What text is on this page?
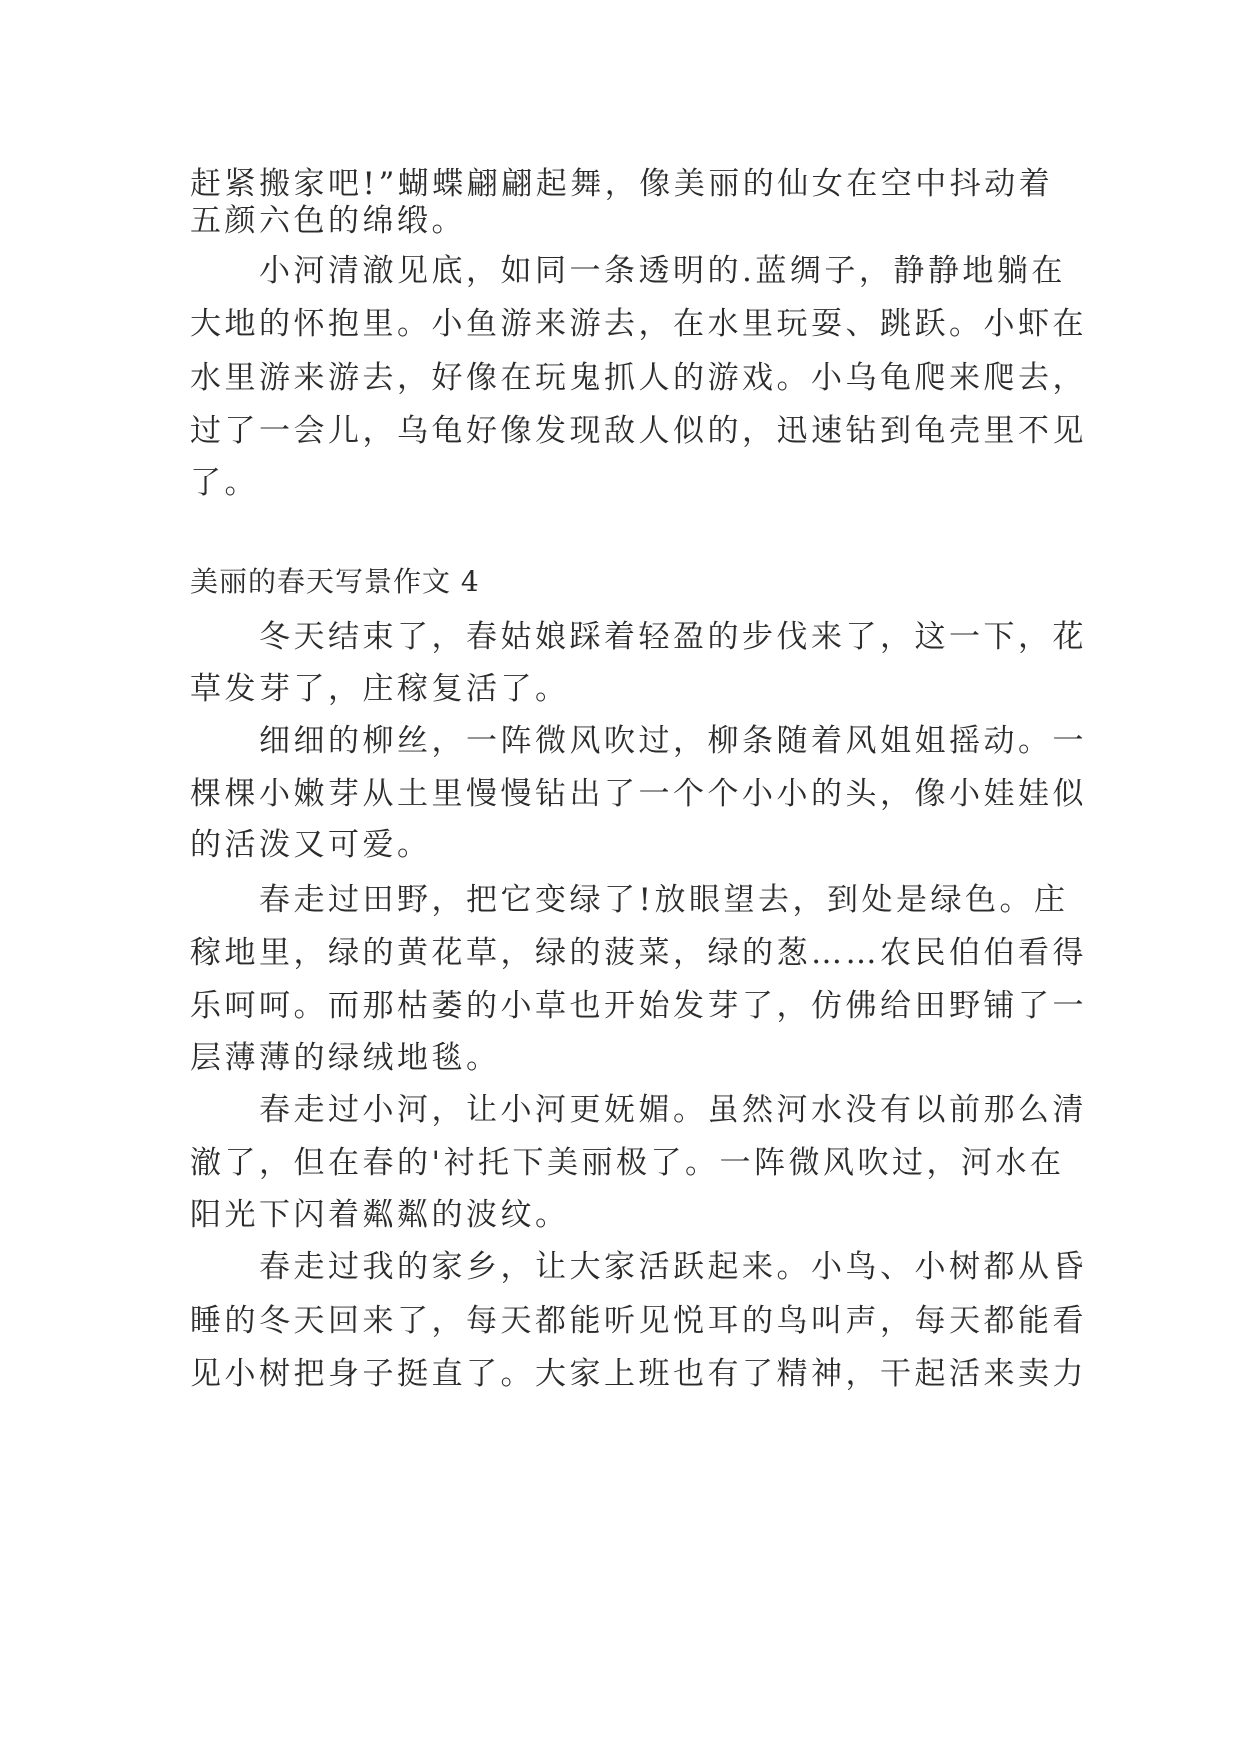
赶紧搬家吧!”蝴蝶翩翩起舞，像美丽的仙女在空中抖动着
五颜六色的绵缎。
　　小河清澈见底，如同一条透明的.蓝绸子，静静地躺在
大地的怀抱里。小鱼游来游去，在水里玩耍、跳跃。小虾在
水里游来游去，好像在玩鬼抓人的游戏。小乌龟爬来爬去，
过了一会儿，乌龟好像发现敌人似的，迅速钻到龟壳里不见
了。
美丽的春天写景作文 4
　　冬天结束了，春姑娘踩着轻盈的步伐来了，这一下，花
草发芽了，庄稼复活了。
　　细细的柳丝，一阵微风吹过，柳条随着风姐姐摇动。一
棵棵小嫩芽从土里慢慢钻出了一个个小小的头，像小娃娃似
的活泼又可爱。
　　春走过田野，把它变绿了!放眼望去，到处是绿色。庄
稼地里，绿的黄花草，绿的菠菜，绿的葱……农民伯伯看得
乐呵呵。而那枯萎的小草也开始发芽了，仿佛给田野铺了一
层薄薄的绿绒地毯。
　　春走过小河，让小河更妩媚。虽然河水没有以前那么清
澈了，但在春的'衬托下美丽极了。一阵微风吹过，河水在
阳光下闪着粼粼的波纹。
　　春走过我的家乡，让大家活跃起来。小鸟、小树都从昏
睡的冬天回来了，每天都能听见悦耳的鸟叫声，每天都能看
见小树把身子挺直了。大家上班也有了精神，干起活来卖力
